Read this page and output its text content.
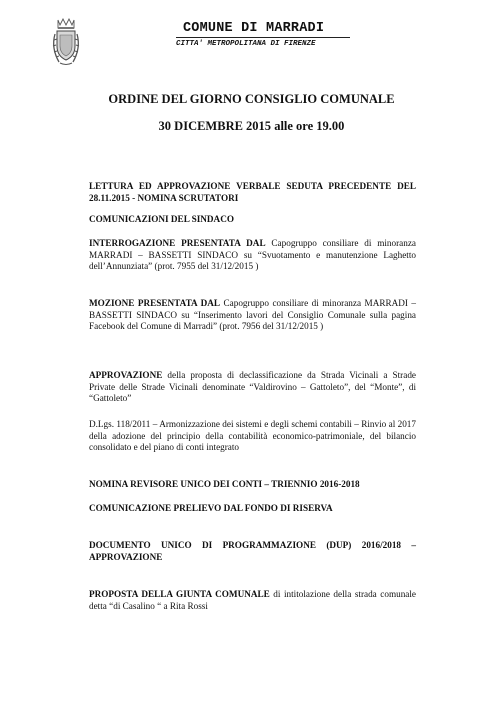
COMUNE DI MARRADI
CITTA' METROPOLITANA DI FIRENZE
ORDINE DEL GIORNO CONSIGLIO COMUNALE
30 DICEMBRE 2015 alle ore 19.00
LETTURA ED APPROVAZIONE VERBALE SEDUTA PRECEDENTE DEL 28.11.2015 - NOMINA SCRUTATORI
COMUNICAZIONI DEL SINDACO
INTERROGAZIONE PRESENTATA DAL Capogruppo consiliare di minoranza MARRADI – BASSETTI SINDACO su “Svuotamento e manutenzione Laghetto dell’Annunziata” (prot. 7955 del 31/12/2015 )
MOZIONE PRESENTATA DAL Capogruppo consiliare di minoranza MARRADI – BASSETTI SINDACO su “Inserimento lavori del Consiglio Comunale sulla pagina Facebook del Comune di Marradi” (prot. 7956 del 31/12/2015 )
APPROVAZIONE della proposta di declassificazione da Strada Vicinali a Strade Private delle Strade Vicinali denominate “Valdirovino – Gattoleto”, del “Monte”, di “Gattoleto”
D.Lgs. 118/2011 – Armonizzazione dei sistemi e degli schemi contabili – Rinvio al 2017 della adozione del principio della contabilità economico-patrimoniale, del bilancio consolidato e del piano di conti integrato
NOMINA REVISORE UNICO DEI CONTI – TRIENNIO 2016-2018
COMUNICAZIONE PRELIEVO DAL FONDO DI RISERVA
DOCUMENTO UNICO DI PROGRAMMAZIONE (DUP) 2016/2018 – APPROVAZIONE
PROPOSTA DELLA GIUNTA COMUNALE di intitolazione della strada comunale detta “di Casalino “ a Rita Rossi
